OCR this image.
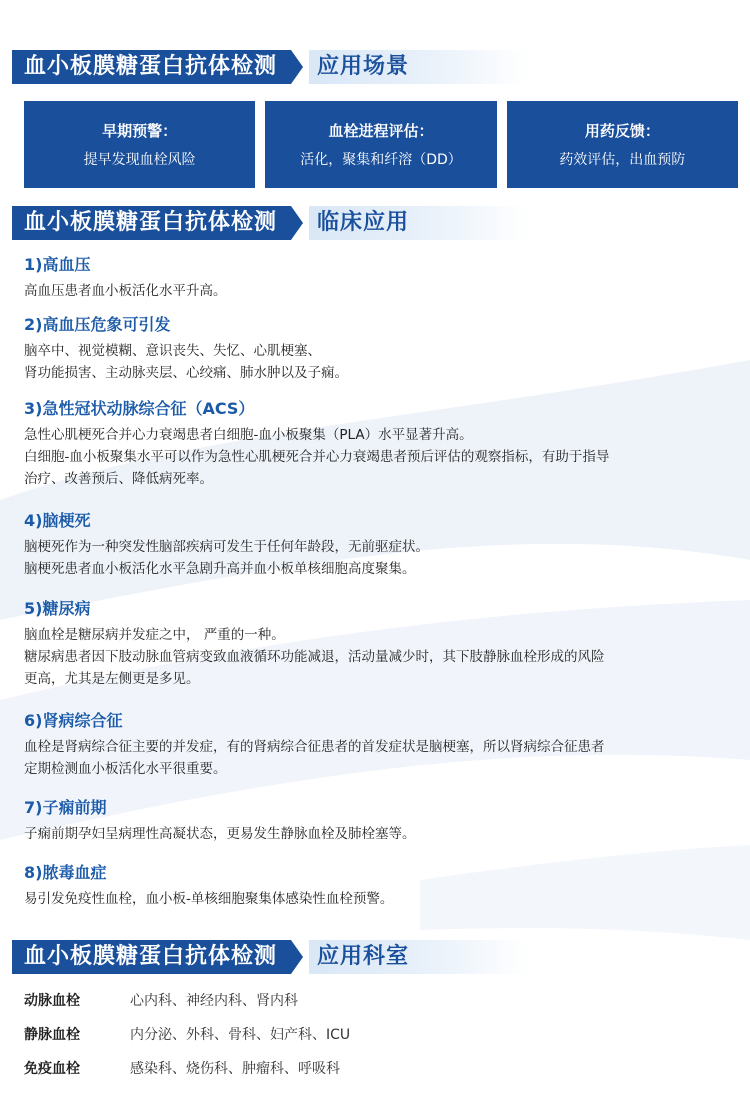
血小板膜糖蛋白抗体检测	应用场景
早期预警：
提早发现血栓风险
血栓进程评估：
活化，聚集和纤溶（DD）
用药反馈：
药效评估，出血预防
血小板膜糖蛋白抗体检测	临床应用
1)高血压

高血压患者血小板活化水平升高。

2)高血压危象可引发

脑卒中、视觉模糊、意识丧失、失忆、心肌梗塞、

肾功能损害、主动脉夹层、心绞痛、肺水肿以及子痫。

3)急性冠状动脉综合征（ACS）

急性心肌梗死合并心力衰竭患者白细胞-血小板聚集（PLA）水平显著升高。

白细胞-血小板聚集水平可以作为急性心肌梗死合并心力衰竭患者预后评估的观察指标，有助于指导

治疗、改善预后、降低病死率。

4)脑梗死

脑梗死作为一种突发性脑部疾病可发生于任何年龄段，无前驱症状。

脑梗死患者血小板活化水平急剧升高并血小板单核细胞高度聚集。

5)糖尿病

脑血栓是糖尿病并发症之中， 严重的一种。

糖尿病患者因下肢动脉血管病变致血液循环功能减退，活动量减少时，其下肢静脉血栓形成的风险

更高，尤其是左侧更是多见。

6)肾病综合征

血栓是肾病综合征主要的并发症，有的肾病综合征患者的首发症状是脑梗塞，所以肾病综合征患者

定期检测血小板活化水平很重要。

7)子痫前期

子痫前期孕妇呈病理性高凝状态，更易发生静脉血栓及肺栓塞等。

8)脓毒血症

易引发免疫性血栓，血小板-单核细胞聚集体感染性血栓预警。

血小板膜糖蛋白抗体检测	应用科室
动脉血栓	心内科、神经内科、肾内科
静脉血栓	内分泌、外科、骨科、妇产科、ICU
免疫血栓	感染科、烧伤科、肿瘤科、呼吸科
